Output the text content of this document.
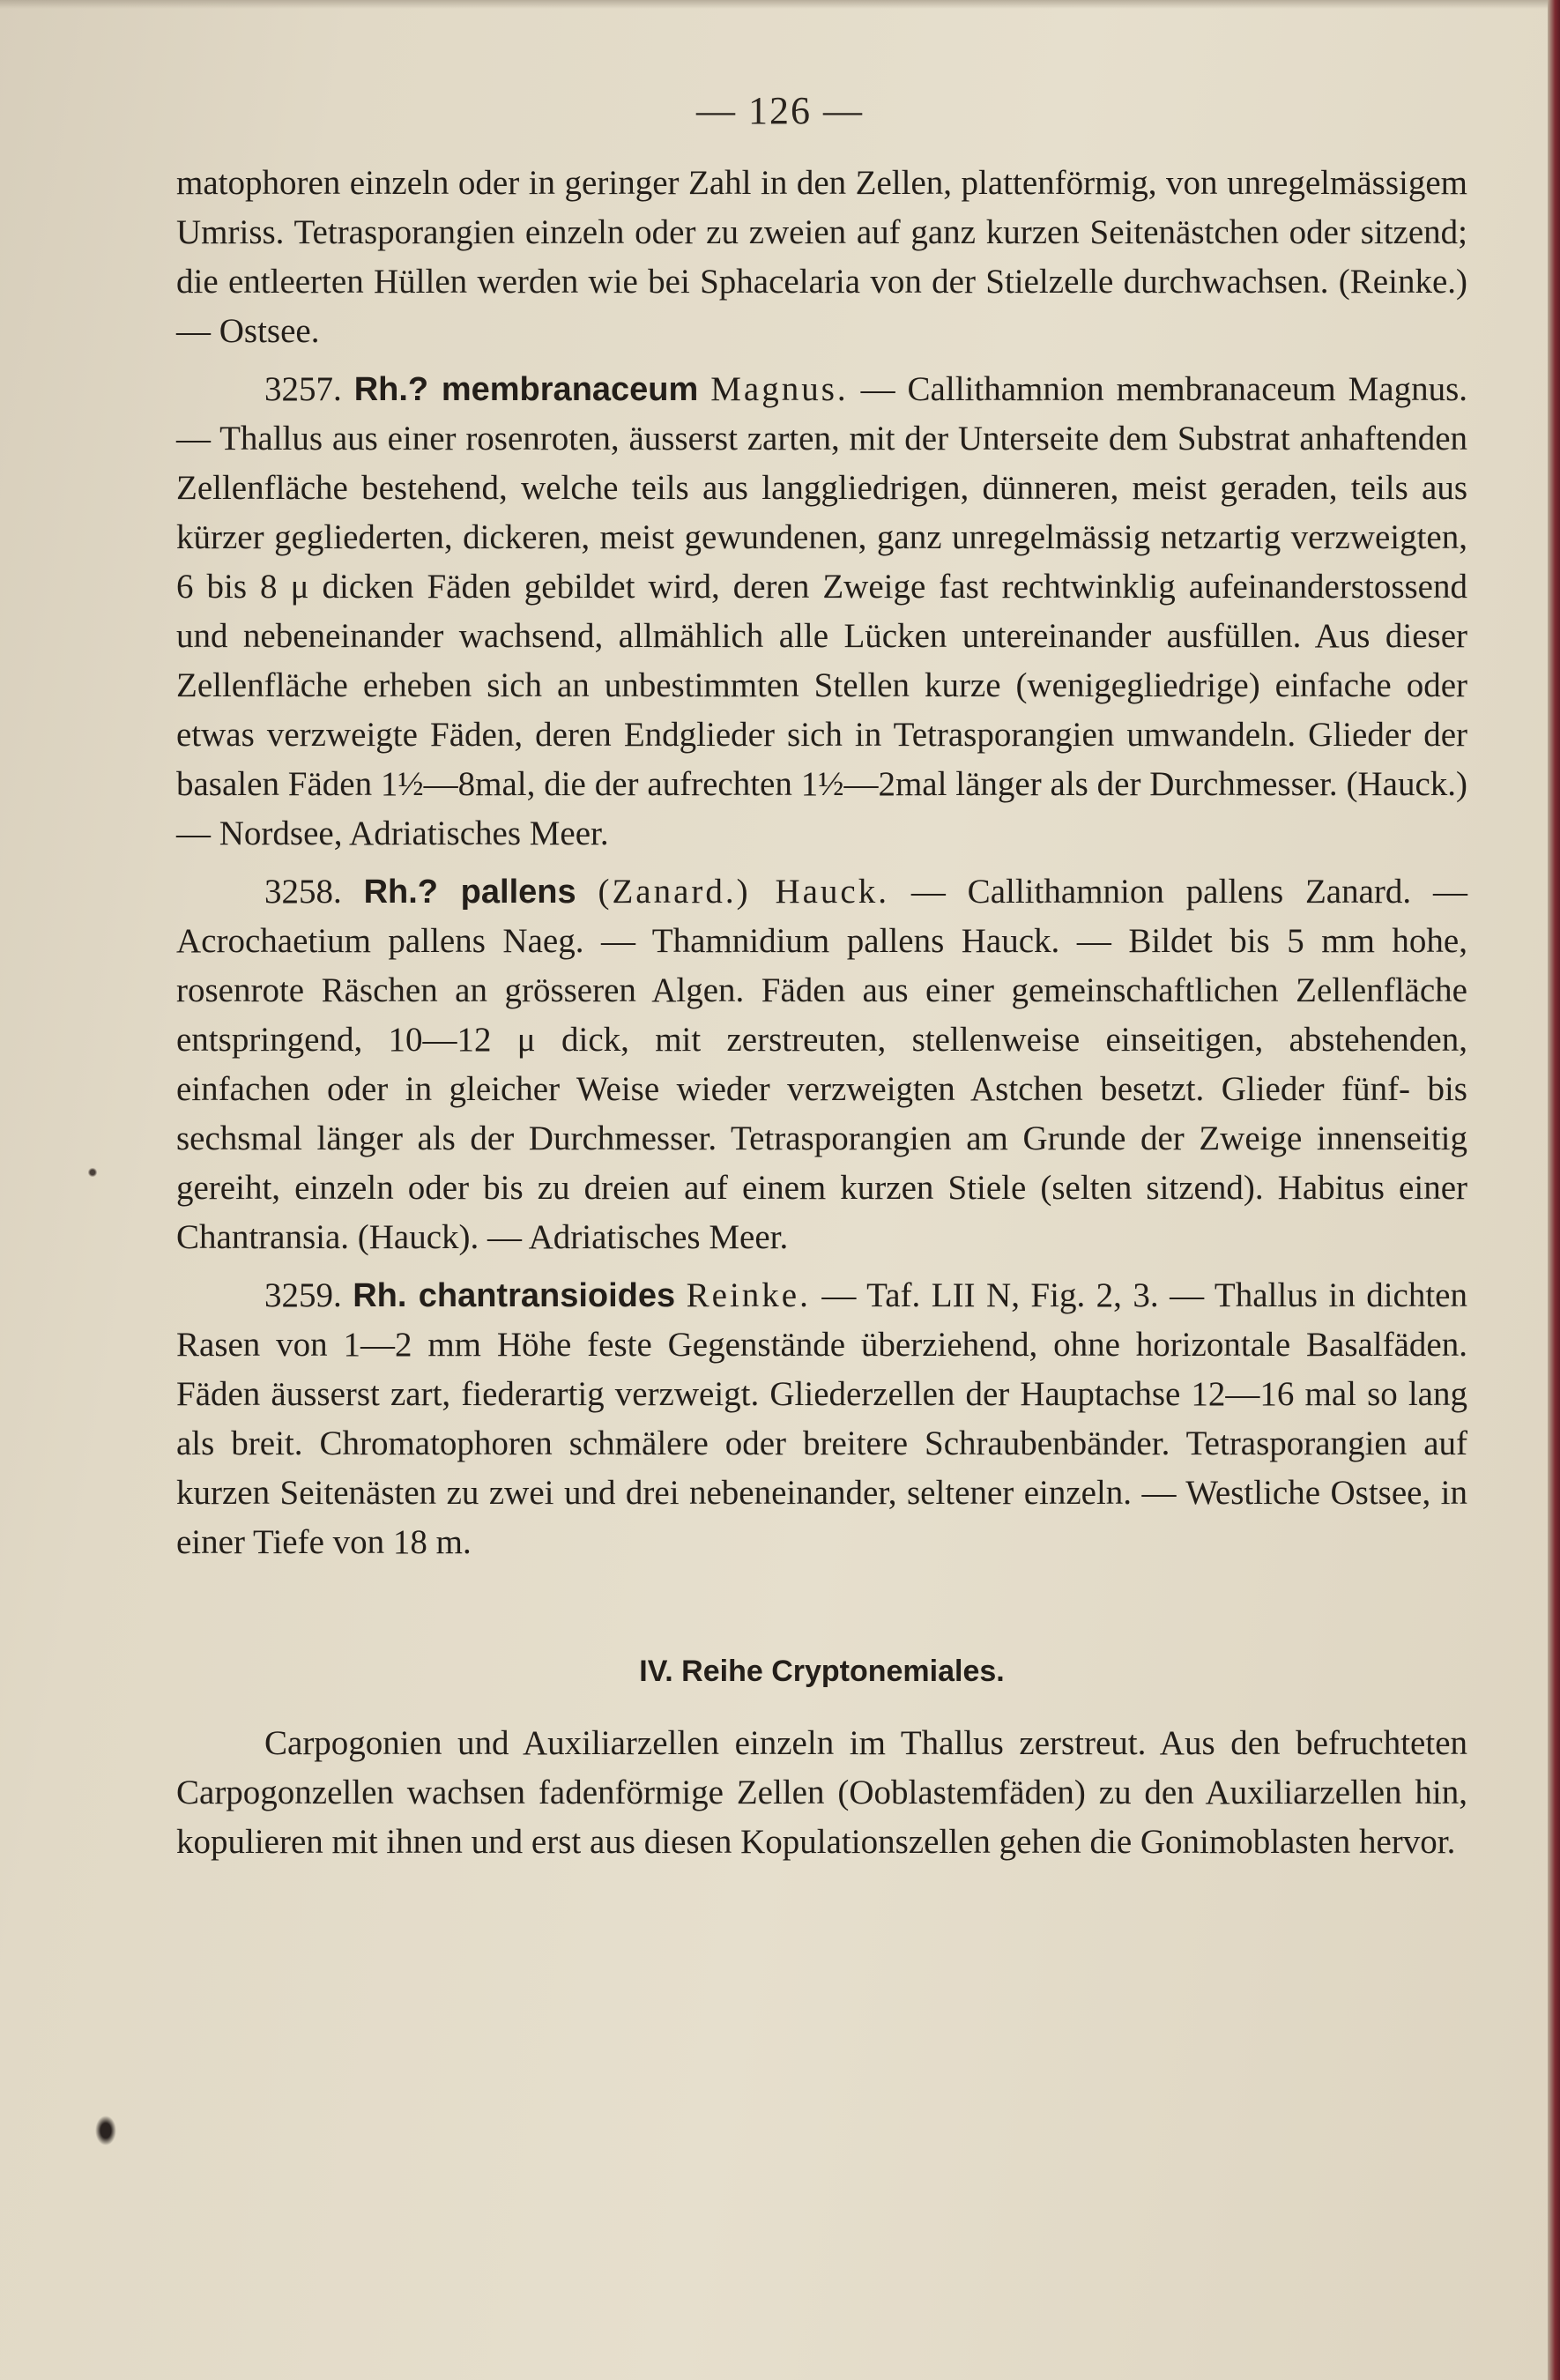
— 126 —

matophoren einzeln oder in geringer Zahl in den Zellen, plattenförmig, von unregelmässigem Umriss. Tetrasporangien einzeln oder zu zweien auf ganz kurzen Seitenästchen oder sitzend; die entleerten Hüllen werden wie bei Sphacelaria von der Stielzelle durchwachsen. (Reinke.) — Ostsee.

3257. Rh.? membranaceum Magnus. — Callithamnion membranaceum Magnus. — Thallus aus einer rosenroten, äusserst zarten, mit der Unterseite dem Substrat anhaftenden Zellenfläche bestehend, welche teils aus langgliedrigen, dünneren, meist geraden, teils aus kürzer gegliederten, dickeren, meist gewundenen, ganz unregelmässig netzartig verzweigten, 6 bis 8 μ dicken Fäden gebildet wird, deren Zweige fast rechtwinklig aufeinanderstossend und nebeneinander wachsend, allmählich alle Lücken untereinander ausfüllen. Aus dieser Zellenfläche erheben sich an unbestimmten Stellen kurze (wenigegliedrige) einfache oder etwas verzweigte Fäden, deren Endglieder sich in Tetrasporangien umwandeln. Glieder der basalen Fäden 1½—8mal, die der aufrechten 1½—2mal länger als der Durchmesser. (Hauck.) — Nordsee, Adriatisches Meer.

3258. Rh.? pallens (Zanard.) Hauck. — Callithamnion pallens Zanard. — Acrochaetium pallens Naeg. — Thamnidium pallens Hauck. — Bildet bis 5 mm hohe, rosenrote Räschen an grösseren Algen. Fäden aus einer gemeinschaftlichen Zellenfläche entspringend, 10—12 μ dick, mit zerstreuten, stellenweise einseitigen, abstehenden, einfachen oder in gleicher Weise wieder verzweigten Astchen besetzt. Glieder fünf- bis sechsmal länger als der Durchmesser. Tetrasporangien am Grunde der Zweige innenseitig gereiht, einzeln oder bis zu dreien auf einem kurzen Stiele (selten sitzend). Habitus einer Chantransia. (Hauck). — Adriatisches Meer.

3259. Rh. chantransioides Reinke. — Taf. LII N, Fig. 2, 3. — Thallus in dichten Rasen von 1—2 mm Höhe feste Gegenstände überziehend, ohne horizontale Basalfäden. Fäden äusserst zart, fiederartig verzweigt. Gliederzellen der Hauptachse 12—16 mal so lang als breit. Chromatophoren schmälere oder breitere Schraubenbänder. Tetrasporangien auf kurzen Seitenästen zu zwei und drei nebeneinander, seltener einzeln. — Westliche Ostsee, in einer Tiefe von 18 m.

IV. Reihe Cryptonemiales.

Carpogonien und Auxiliarzellen einzeln im Thallus zerstreut. Aus den befruchteten Carpogonzellen wachsen fadenförmige Zellen (Ooblastemfäden) zu den Auxiliarzellen hin, kopulieren mit ihnen und erst aus diesen Kopulationszellen gehen die Gonimoblasten hervor.
